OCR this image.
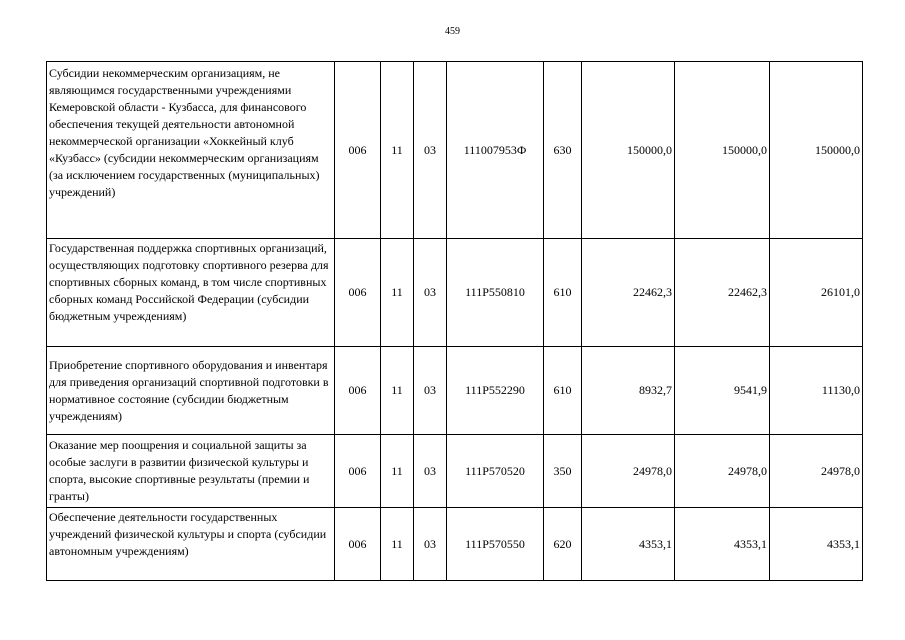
459
Субсидии некоммерческим организациям, не являющимся государственными учреждениями Кемеровской области - Кузбасса, для финансового обеспечения текущей деятельности автономной некоммерческой организации «Хоккейный клуб «Кузбасс» (субсидии некоммерческим организациям (за исключением государственных (муниципальных) учреждений)	006	11	03	111007953Ф	630	150000,0	150000,0	150000,0
Государственная поддержка спортивных организаций, осуществляющих подготовку спортивного резерва для спортивных сборных команд, в том числе спортивных сборных команд Российской Федерации (субсидии бюджетным учреждениям)	006	11	03	111Р550810	610	22462,3	22462,3	26101,0
Приобретение спортивного оборудования и инвентаря для приведения организаций спортивной подготовки в нормативное состояние (субсидии бюджетным учреждениям)	006	11	03	111Р552290	610	8932,7	9541,9	11130,0
Оказание мер поощрения и социальной защиты за особые заслуги в развитии физической культуры и спорта, высокие спортивные результаты (премии и гранты)	006	11	03	111Р570520	350	24978,0	24978,0	24978,0
Обеспечение деятельности государственных учреждений физической культуры и спорта (субсидии автономным учреждениям)	006	11	03	111Р570550	620	4353,1	4353,1	4353,1
